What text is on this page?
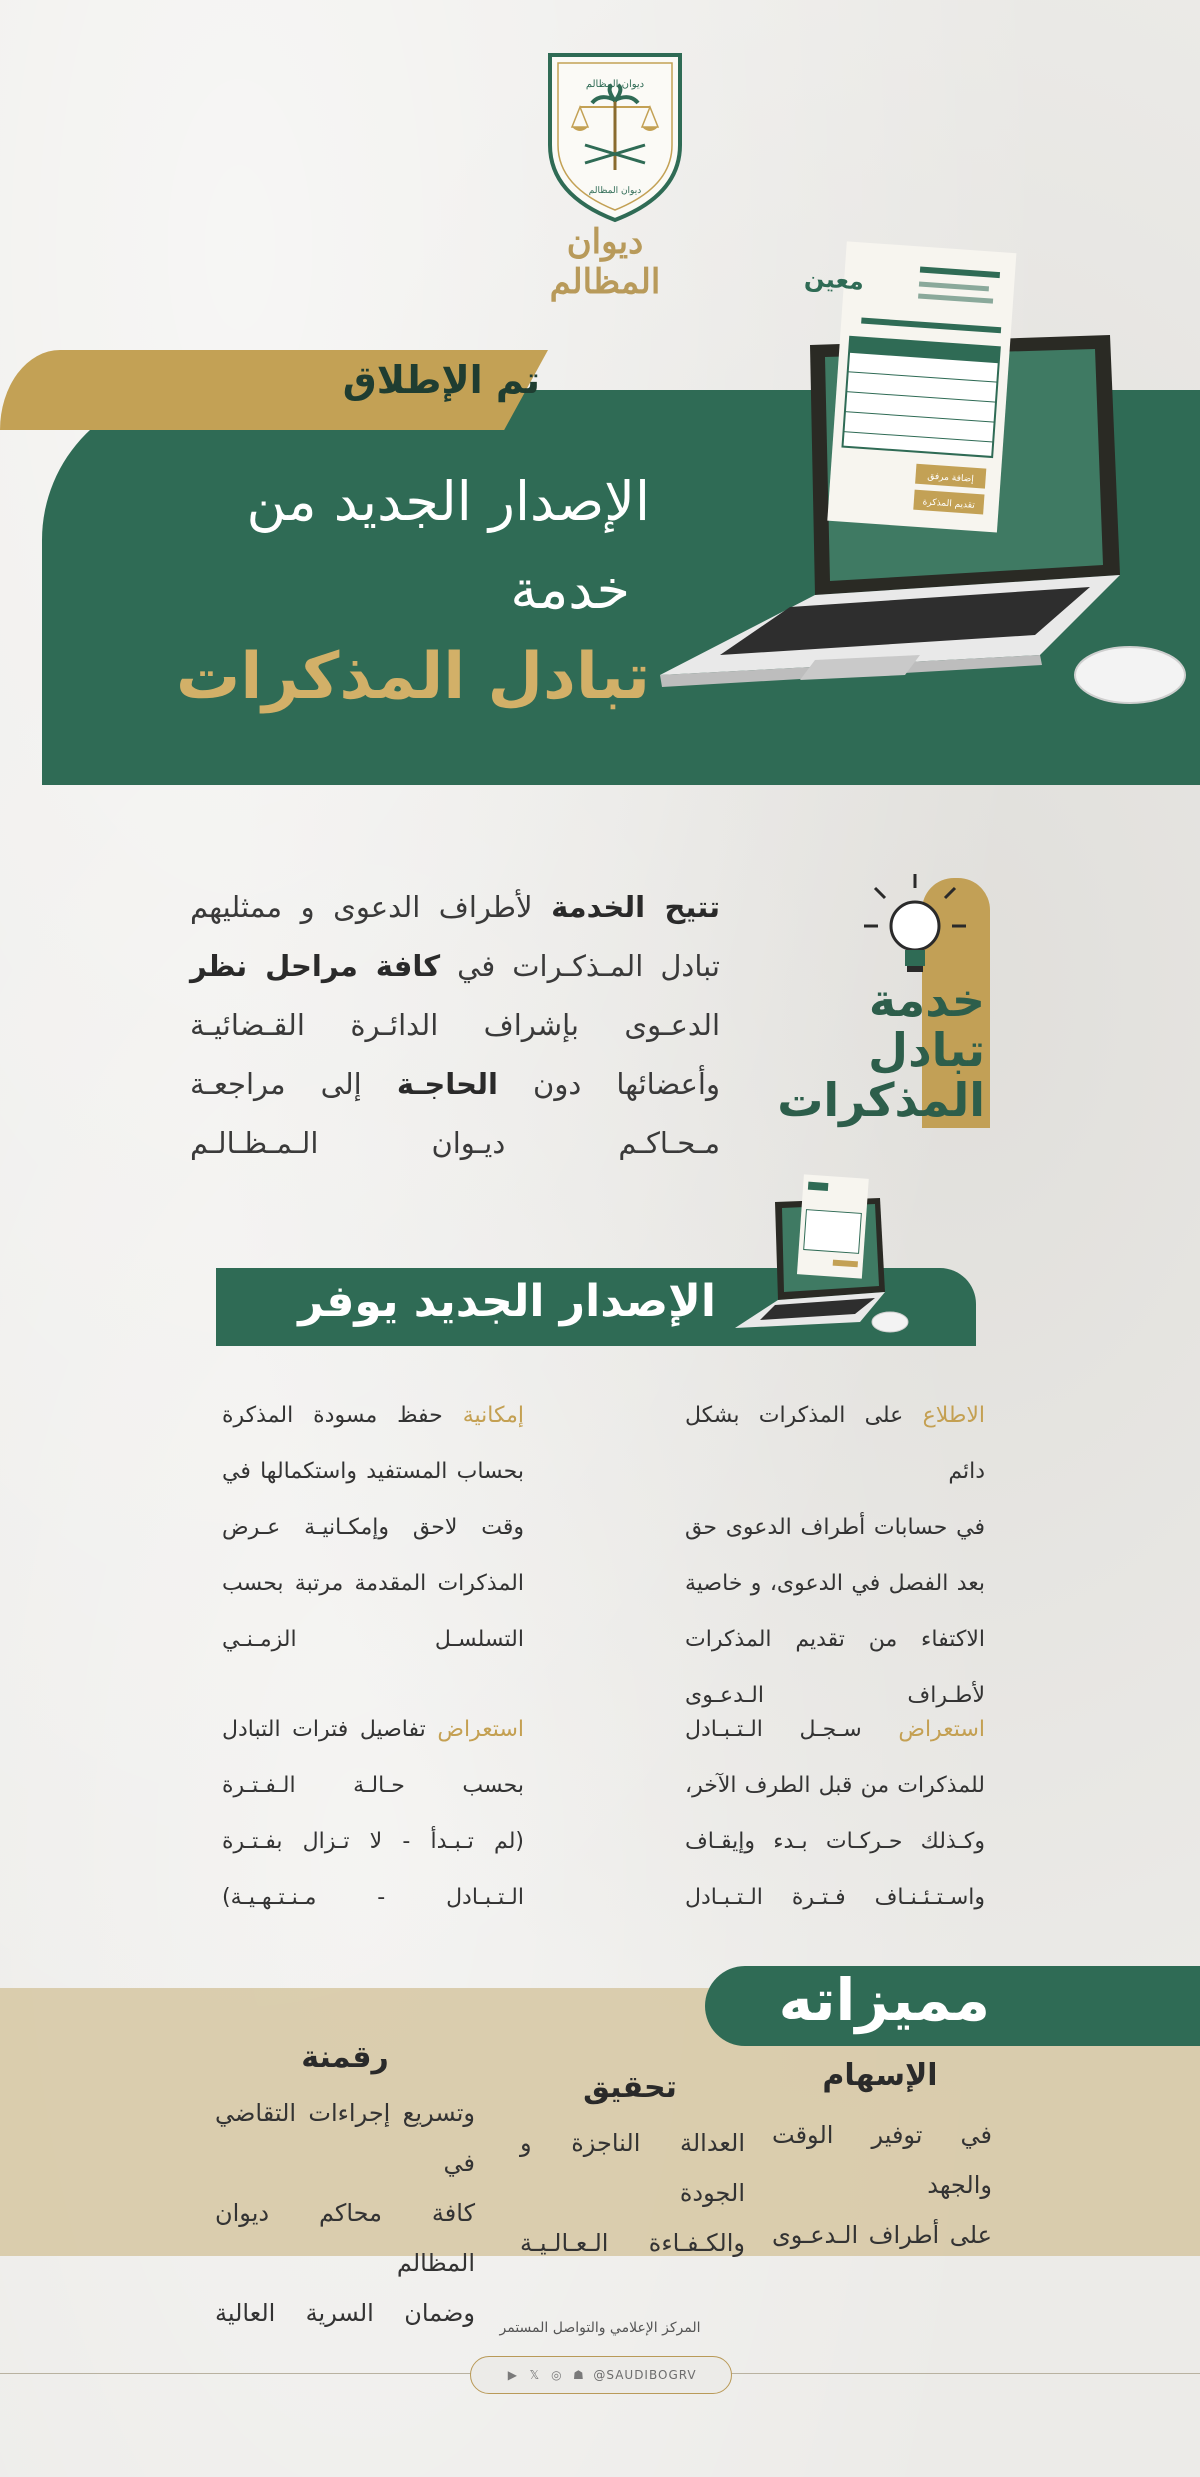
ديوان المظالم
ديوان المظالم
ديوان المظالم
تم الإطلاق
الإصدار الجديد من
خدمة
تبادل المذكرات
معين
إضافة مرفق
تقديم المذكرة
تتيح الخدمة لأطراف الدعوى و ممثليهم
تبادل المـذكـرات في كافة مراحل نظر
الدعـوى بإشراف الدائـرة القـضائيـة
وأعضائها دون الحاجـة إلى مراجعـة
مـحـاكـم ديـوان الـمـظـالـم
خدمة تبادل المذكرات
الإصدار الجديد يوفر
الاطلاع على المذكرات بشكل دائم
في حسابات أطراف الدعوى حق
بعد الفصل في الدعوى، و خاصية
الاكتفاء من تقديم المذكرات
لأطـراف الـدعـوى
إمكانية حفظ مسودة المذكرة
بحساب المستفيد واستكمالها في
وقت لاحق وإمكـانيـة عـرض
المذكرات المقدمة مرتبة بحسب
التسلسـل الزمـنـي
استعراض سـجـل الـتـبـادل
للمذكرات من قبل الطرف الآخر،
وكـذلك حـركـات بـدء وإيقـاف
واسـتـئـنـاف فـتـرة الـتـبـادل
استعراض تفاصيل فترات التبادل
بحسب حـالـة الـفـتـرة
(لم تـبـدأ - لا تـزال بفـتـرة
الـتـبـادل - مـنـتـهـيـة)
مميزاته
الإسهام
في توفير الوقت والجهد
على أطراف الـدعـوى
تحقيق
العدالة الناجزة و الجودة
والكـفـاءة الـعـالـيـة
رقمنة
وتسريع إجراءات التقاضي في
كافة محاكم ديوان المظالم
وضمان السرية العالية
المركز الإعلامي والتواصل المستمر
▶ 𝕏 ◎ ☗ @SAUDIBOGRV
